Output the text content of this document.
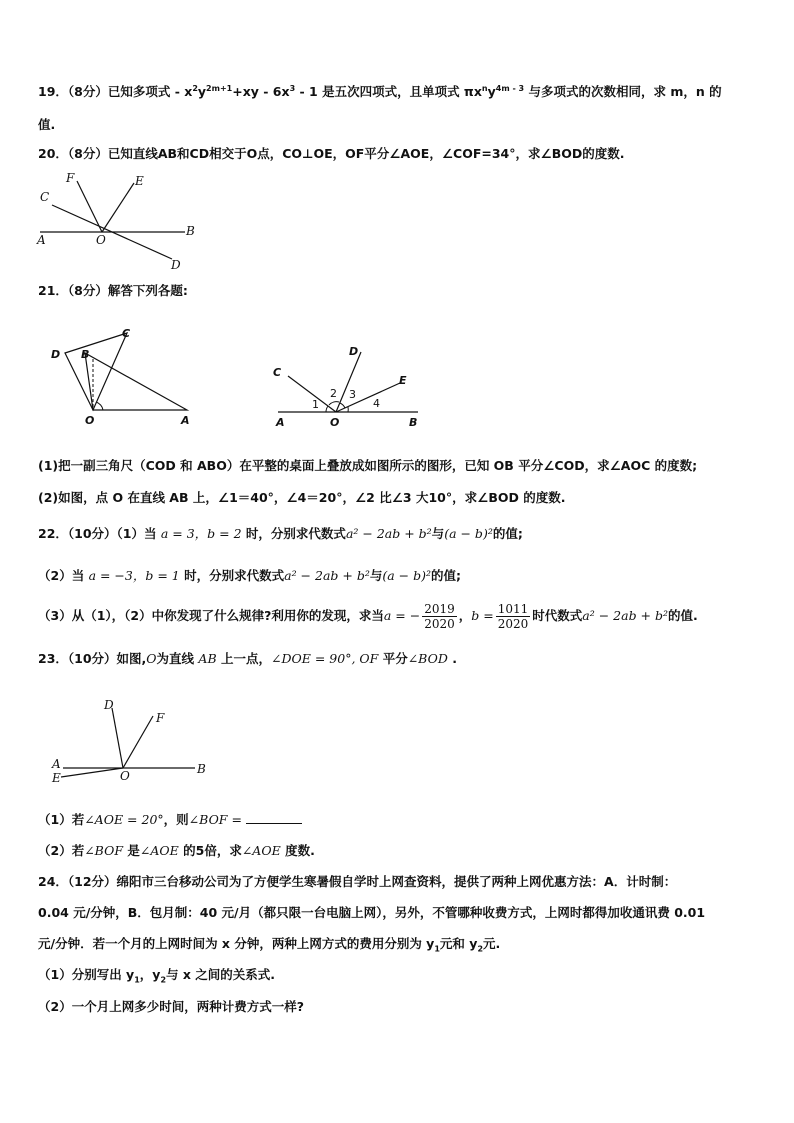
19．（8分）已知多项式 - $x^2y^{2m+1}+xy - 6x^3 - 1$ 是五次四项式，且单项式 $\pi x^ny^{4m - 3}$ 与多项式的次数相同，求 m，n 的
值.
20．（8分）已知直线AB和CD相交于O点，CO⊥OE，OF平分∠AOE，∠COF=34°，求∠BOD的度数.
F	E
C
A	O
B
D
21．（8分）解答下列各题:
D B
C
O	A
C
D
E
1
2 3
4
A	O	B
(1)把一副三角尺（COD 和 ABO）在平整的桌面上叠放成如图所示的图形，已知 OB 平分∠COD，求∠AOC 的度数;
(2)如图，点 O 在直线 AB 上，∠1＝40°，∠4＝20°，∠2 比∠3 大10°，求∠BOD 的度数.
22．（10分）（1）当 a = 3，b = 2 时，分别求代数式a² − 2ab + b²与(a − b)²的值;
（2）当 a = −3，b = 1 时，分别求代数式a² − 2ab + b²与(a − b)²的值;
（3）从（1），（2）中你发现了什么规律?利用你的发现，求当a = − $\frac{2019}{2020}$ ，$b = \frac{1011}{2020}$ 时代数式a² − 2ab + b²的值.
23．（10分）如图,O为直线 AB 上一点，∠DOE = 90°, OF 平分∠BOD .
D
F
A
E	O	B
（1）若∠AOE = 20°，则∠BOF =
（2）若∠BOF 是∠AOE 的5倍，求∠AOE 度数.
24．（12分）绵阳市三台移动公司为了方便学生寒暑假自学时上网查资料，提供了两种上网优惠方法：A．计时制：
0.04 元/分钟，B．包月制：40 元/月（都只限一台电脑上网），另外，不管哪种收费方式，上网时都得加收通讯费 0.01
元/分钟．若一个月的上网时间为 x 分钟，两种上网方式的费用分别为 $y_1$元和 $y_2$元.
（1）分别写出 $y_1$，$y_2$与 x 之间的关系式.
（2）一个月上网多少时间，两种计费方式一样?
